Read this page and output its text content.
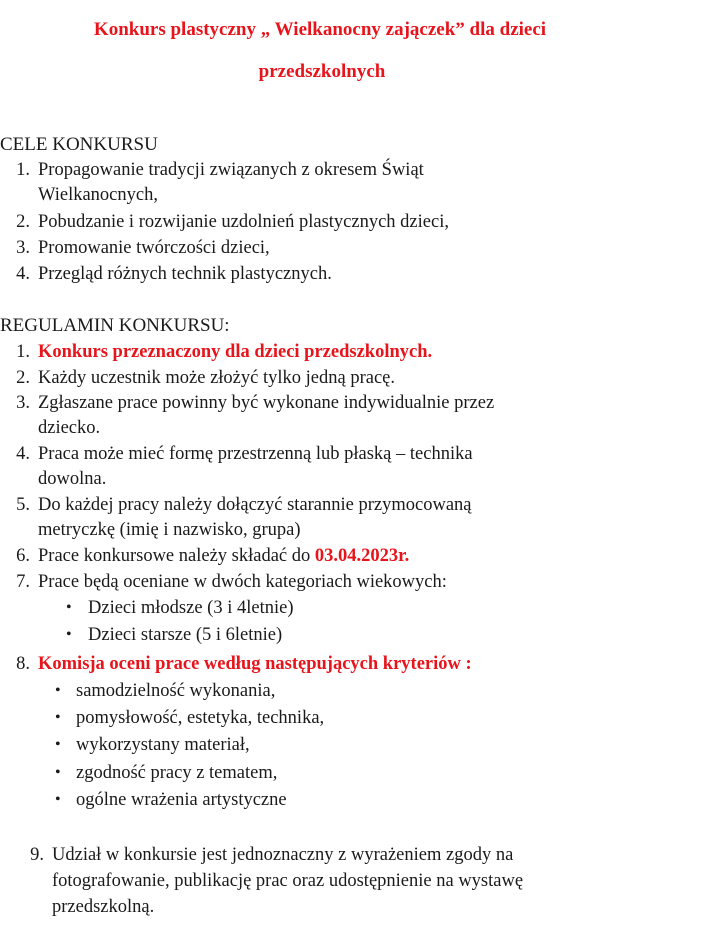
Konkurs plastyczny „ Wielkanocny zajączek” dla dzieci
przedszkolnych
CELE KONKURSU
1. Propagowanie tradycji związanych z okresem Świąt
Wielkanocnych,
2. Pobudzanie i rozwijanie uzdolnień plastycznych dzieci,
3. Promowanie twórczości dzieci,
4. Przegląd różnych technik plastycznych.
REGULAMIN KONKURSU:
1. Konkurs przeznaczony dla dzieci przedszkolnych.
2. Każdy uczestnik może złożyć tylko jedną pracę.
3. Zgłaszane prace powinny być wykonane indywidualnie przez
dziecko.
4. Praca może mieć formę przestrzenną lub płaską – technika
dowolna.
5. Do każdej pracy należy dołączyć starannie przymocowaną
metryczkę (imię i nazwisko, grupa)
6. Prace konkursowe należy składać do 03.04.2023r.
7. Prace będą oceniane w dwóch kategoriach wiekowych:
• Dzieci młodsze (3 i 4letnie)
• Dzieci starsze (5 i 6letnie)
8. Komisja oceni prace według następujących kryteriów :
• samodzielność wykonania,
• pomysłowość, estetyka, technika,
• wykorzystany materiał,
• zgodność pracy z tematem,
• ogólne wrażenia artystyczne
9. Udział w konkursie jest jednoznaczny z wyrażeniem zgody na
fotografowanie, publikację prac oraz udostępnienie na wystawę
przedszkolną.
